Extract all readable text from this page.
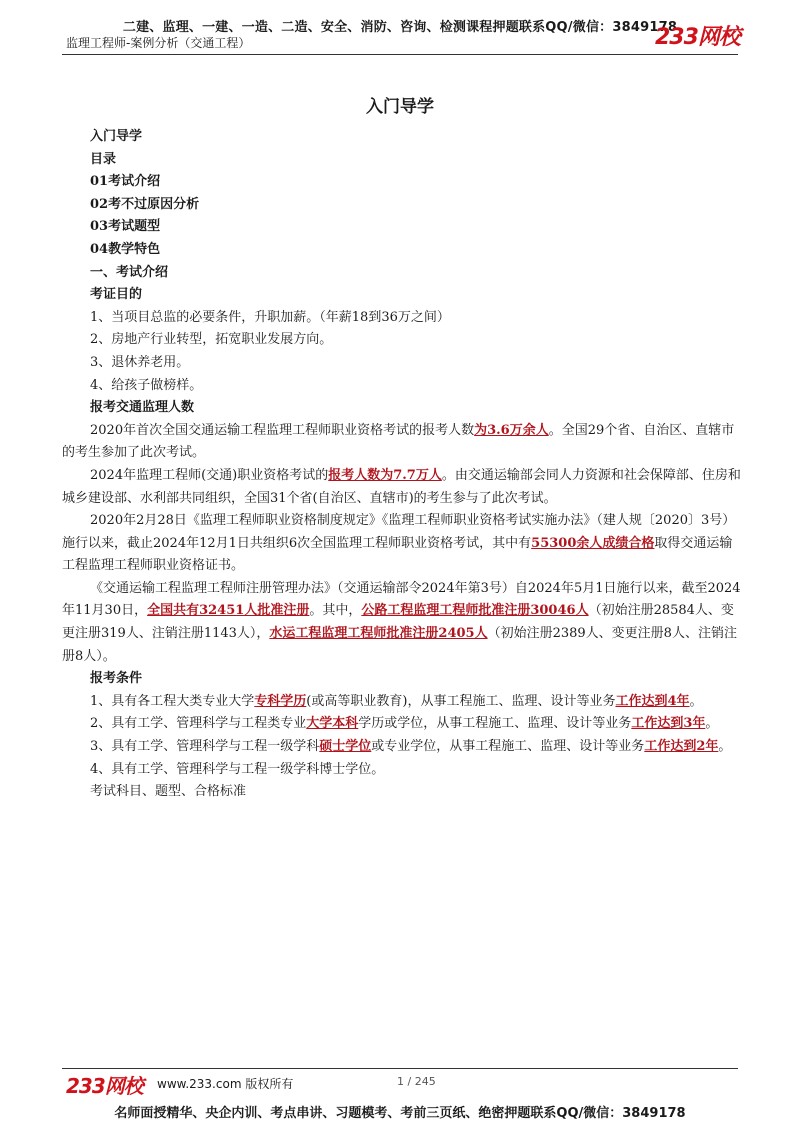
二建、监理、一建、一造、二造、安全、消防、咨询、检测课程押题联系QQ/微信：3849178
监理工程师-案例分析（交通工程）	233网校
入门导学

入门导学

目录

01考试介绍

02考不过原因分析

03考试题型

04教学特色

一、考试介绍

考证目的

1、当项目总监的必要条件，升职加薪。（年薪18到36万之间）

2、房地产行业转型，拓宽职业发展方向。

3、退休养老用。

4、给孩子做榜样。

报考交通监理人数

2020年首次全国交通运输工程监理工程师职业资格考试的报考人数为3.6万余人。全国29个省、自治区、直辖市的考生参加了此次考试。

2024年监理工程师(交通)职业资格考试的报考人数为7.7万人。由交通运输部会同人力资源和社会保障部、住房和城乡建设部、水利部共同组织，全国31个省(自治区、直辖市)的考生参与了此次考试。

2020年2月28日《监理工程师职业资格制度规定》《监理工程师职业资格考试实施办法》（建人规〔2020〕3号）施行以来，截止2024年12月1日共组织6次全国监理工程师职业资格考试，其中有55300余人成绩合格取得交通运输工程监理工程师职业资格证书。

《交通运输工程监理工程师注册管理办法》（交通运输部令2024年第3号）自2024年5月1日施行以来，截至2024年11月30日，全国共有32451人批准注册。其中，公路工程监理工程师批准注册30046人（初始注册28584人、变更注册319人、注销注册1143人），水运工程监理工程师批准注册2405人（初始注册2389人、变更注册8人、注销注册8人）。

报考条件

1、具有各工程大类专业大学专科学历(或高等职业教育)，从事工程施工、监理、设计等业务工作达到4年。

2、具有工学、管理科学与工程类专业大学本科学历或学位，从事工程施工、监理、设计等业务工作达到3年。

3、具有工学、管理科学与工程一级学科硕士学位或专业学位，从事工程施工、监理、设计等业务工作达到2年。

4、具有工学、管理科学与工程一级学科博士学位。

考试科目、题型、合格标准

233网校 www.233.com 版权所有	1 / 245
名师面授精华、央企内训、考点串讲、习题模考、考前三页纸、绝密押题联系QQ/微信：3849178
